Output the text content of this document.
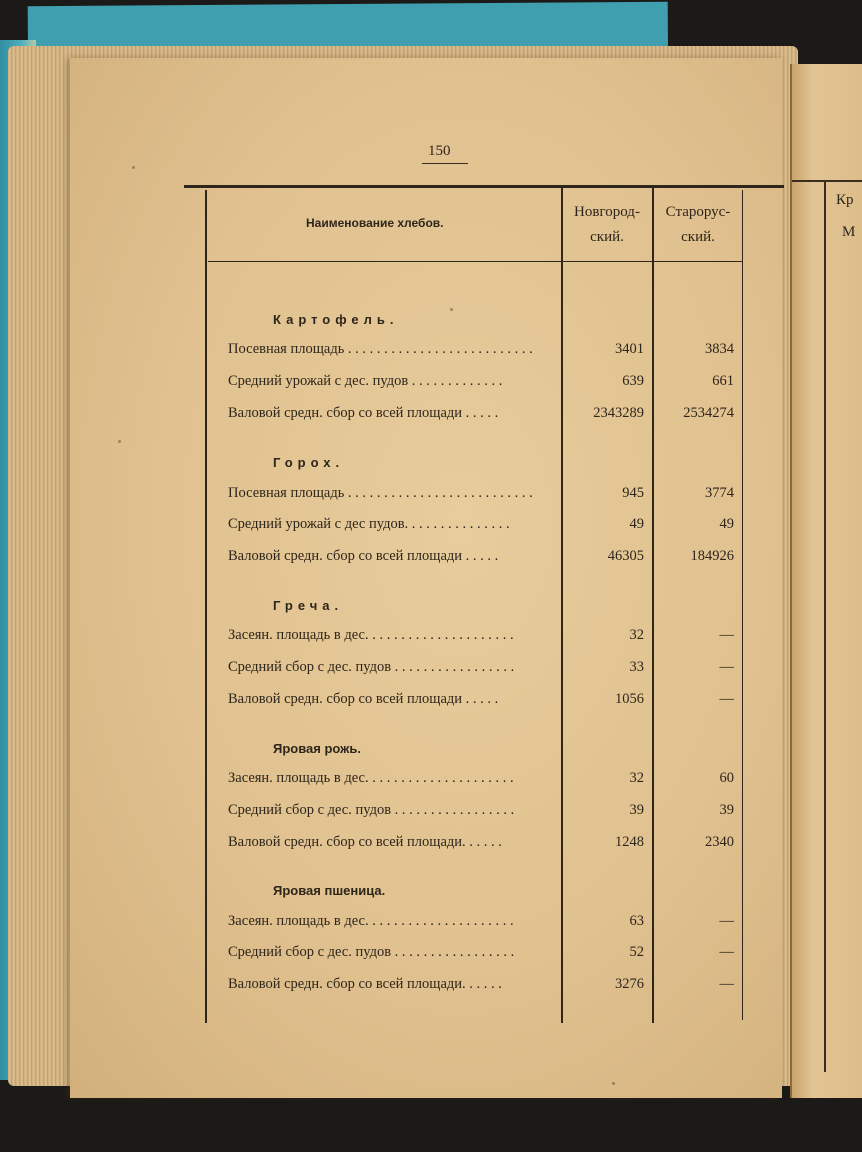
Кр
М
150
Наименование хлебов.
Новгород-
ский.
Старорус-
ский.
Картофель.
Посевная площадь . . . . . . . . . . . . . . . . . . . . . . . . . .	3401	3834
Средний урожай с дес. пудов . . . . . . . . . . . . .	639	661
Валовой средн. сбор со всей площади . . . . .	2343289	2534274
Горох.
Посевная площадь . . . . . . . . . . . . . . . . . . . . . . . . . .	945	3774
Средний урожай с дес пудов. . . . . . . . . . . . . . .	49	49
Валовой средн. сбор со всей площади . . . . .	46305	184926
Греча.
Засеян. площадь в дес. . . . . . . . . . . . . . . . . . . . .	32	—
Средний сбор с дес. пудов . . . . . . . . . . . . . . . . .	33	—
Валовой средн. сбор со всей площади . . . . .	1056	—
Яровая рожь.
Засеян. площадь в дес. . . . . . . . . . . . . . . . . . . . .	32	60
Средний сбор с дес. пудов . . . . . . . . . . . . . . . . .	39	39
Валовой средн. сбор со всей площади. . . . . .	1248	2340
Яровая пшеница.
Засеян. площадь в дес. . . . . . . . . . . . . . . . . . . . .	63	—
Средний сбор с дес. пудов . . . . . . . . . . . . . . . . .	52	—
Валовой средн. сбор со всей площади. . . . . .	3276	—
